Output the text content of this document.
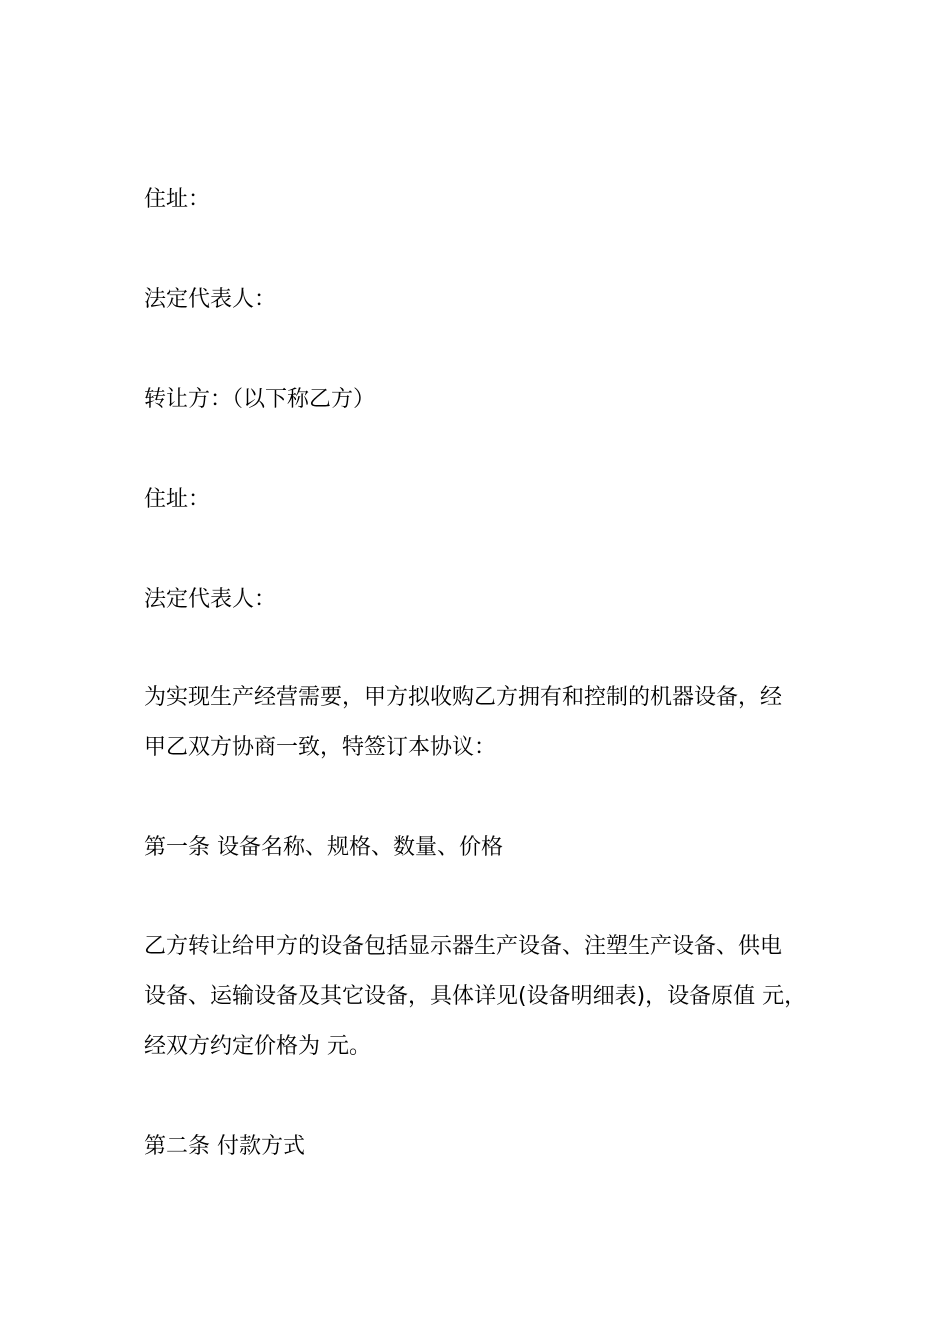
住址：
法定代表人：
转让方：（以下称乙方）
住址：
法定代表人：
为实现生产经营需要，甲方拟收购乙方拥有和控制的机器设备，经
甲乙双方协商一致，特签订本协议：
第一条 设备名称、规格、数量、价格
乙方转让给甲方的设备包括显示器生产设备、注塑生产设备、供电
设备、运输设备及其它设备，具体详见(设备明细表)，设备原值 元，
经双方约定价格为 元。
第二条 付款方式
